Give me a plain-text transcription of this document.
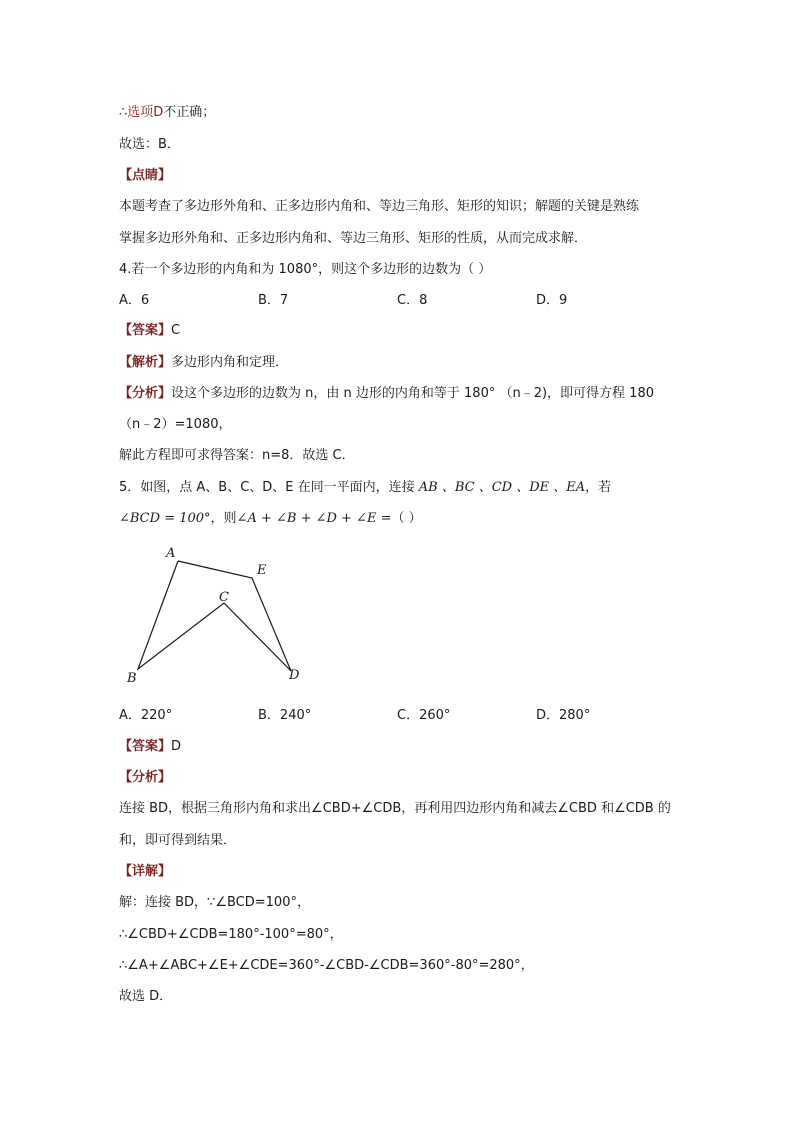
∴选项D不正确；
故选：B．
【点睛】
本题考查了多边形外角和、正多边形内角和、等边三角形、矩形的知识；解题的关键是熟练
掌握多边形外角和、正多边形内角和、等边三角形、矩形的性质，从而完成求解．
4.若一个多边形的内角和为 1080°，则这个多边形的边数为（ ）
A．6	B．7	C．8	D．9
【答案】C
【解析】多边形内角和定理．
【分析】设这个多边形的边数为 n，由 n 边形的内角和等于 180° （n﹣2)，即可得方程 180
（n﹣2）=1080，
解此方程即可求得答案：n=8．故选 C．
5．如图，点 A、B、C、D、E 在同一平面内，连接 AB 、BC 、CD 、DE 、EA，若
∠BCD = 100°，则∠A + ∠B + ∠D + ∠E =（ ）
A
B
C
D
E
A．220°	B．240°	C．260°	D．280°
【答案】D
【分析】
连接 BD，根据三角形内角和求出∠CBD+∠CDB，再利用四边形内角和减去∠CBD 和∠CDB 的
和，即可得到结果．
【详解】
解：连接 BD，∵∠BCD=100°，
∴∠CBD+∠CDB=180°-100°=80°，
∴∠A+∠ABC+∠E+∠CDE=360°-∠CBD-∠CDB=360°-80°=280°，
故选 D．
